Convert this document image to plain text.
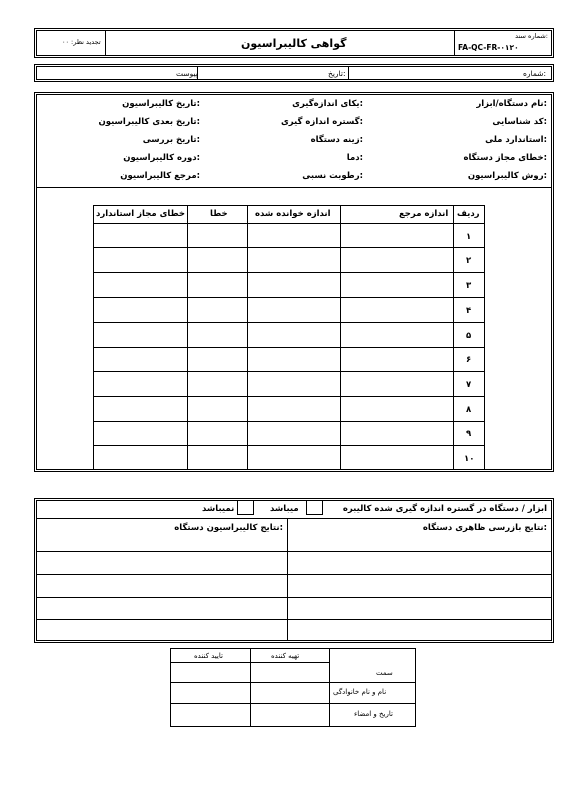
شماره سند:
FA-QC-FR-۰۱۲۰
گواهی کالیبراسیون
تجدید نظر: ۰۰
شماره:
تاریخ:
پیوست
نام دستگاه/ابزار:
کد شناسایی:
استاندارد ملی:
خطای مجاز دستگاه:
روش کالیبراسیون:
یکای اندازه‌گیری:
گستره اندازه گیری:
زینه دستگاه:
دما:
رطوبت نسبی:
تاریخ کالیبراسیون:
تاریخ بعدی کالیبراسیون:
تاریخ بررسی:
دوره کالیبراسیون:
مرجع کالیبراسیون:
ردیف
اندازه مرجع
اندازه خوانده شده
خطا
خطای مجاز استاندارد
۱
۲
۳
۴
۵
۶
۷
۸
۹
۱۰
ابزار / دستگاه در گستره اندازه گیری شده کالیبره
میباشد
نمیباشد
نتایج بازرسی ظاهری دستگاه:
نتایج کالیبراسیون دستگاه:
تهیه کننده
تایید کننده
سمت
نام و نام خانوادگی
تاریخ و امضاء
